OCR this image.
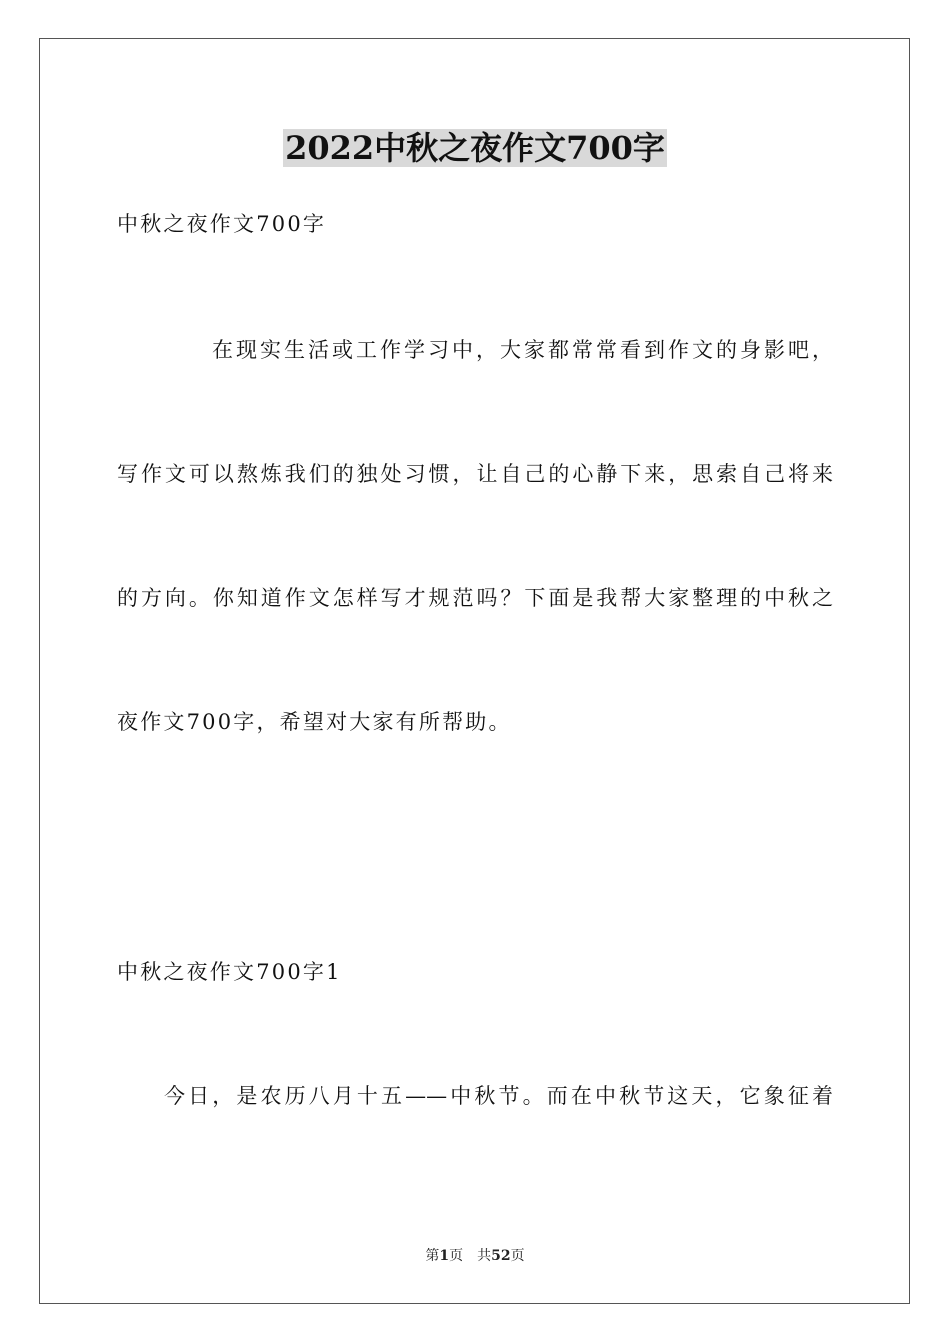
2022中秋之夜作文700字
中秋之夜作文700字
在现实生活或工作学习中，大家都常常看到作文的身影吧，
写作文可以熬炼我们的独处习惯，让自己的心静下来，思索自己将来
的方向。你知道作文怎样写才规范吗？下面是我帮大家整理的中秋之
夜作文700字，希望对大家有所帮助。
中秋之夜作文700字1
今日，是农历八月十五——中秋节。而在中秋节这天，它象征着
第1页 共52页
